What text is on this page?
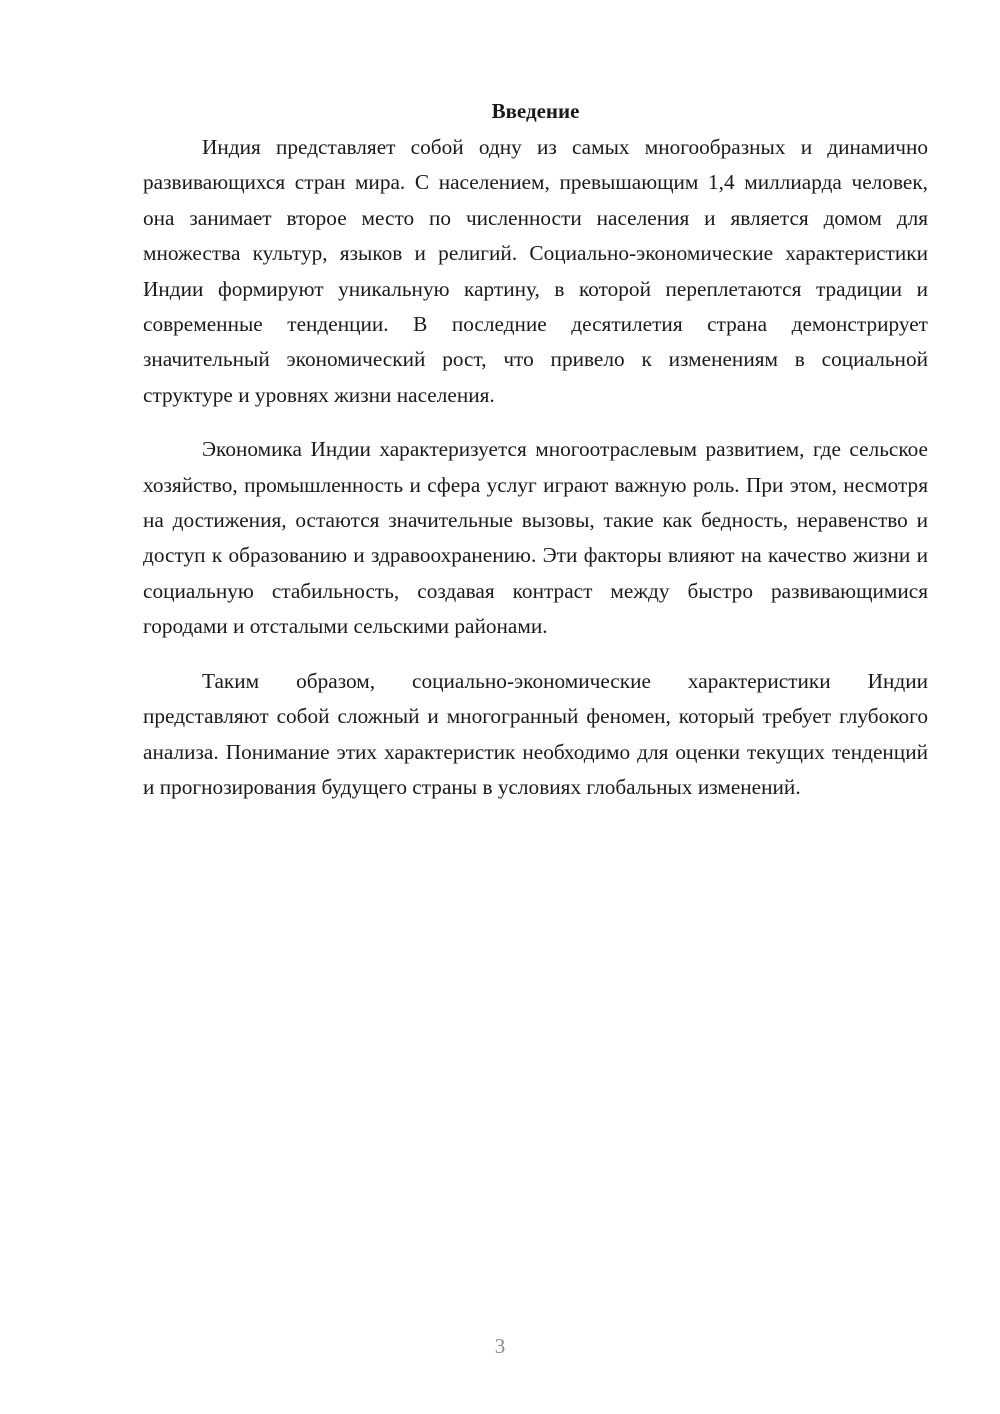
Введение

Индия представляет собой одну из самых многообразных и динамично развивающихся стран мира. С населением, превышающим 1,4 миллиарда человек, она занимает второе место по численности населения и является домом для множества культур, языков и религий. Социально-экономические характеристики Индии формируют уникальную картину, в которой переплетаются традиции и современные тенденции. В последние десятилетия страна демонстрирует значительный экономический рост, что привело к изменениям в социальной структуре и уровнях жизни населения.

Экономика Индии характеризуется многоотраслевым развитием, где сельское хозяйство, промышленность и сфера услуг играют важную роль. При этом, несмотря на достижения, остаются значительные вызовы, такие как бедность, неравенство и доступ к образованию и здравоохранению. Эти факторы влияют на качество жизни и социальную стабильность, создавая контраст между быстро развивающимися городами и отсталыми сельскими районами.

Таким образом, социально-экономические характеристики Индии представляют собой сложный и многогранный феномен, который требует глубокого анализа. Понимание этих характеристик необходимо для оценки текущих тенденций и прогнозирования будущего страны в условиях глобальных изменений.

3
